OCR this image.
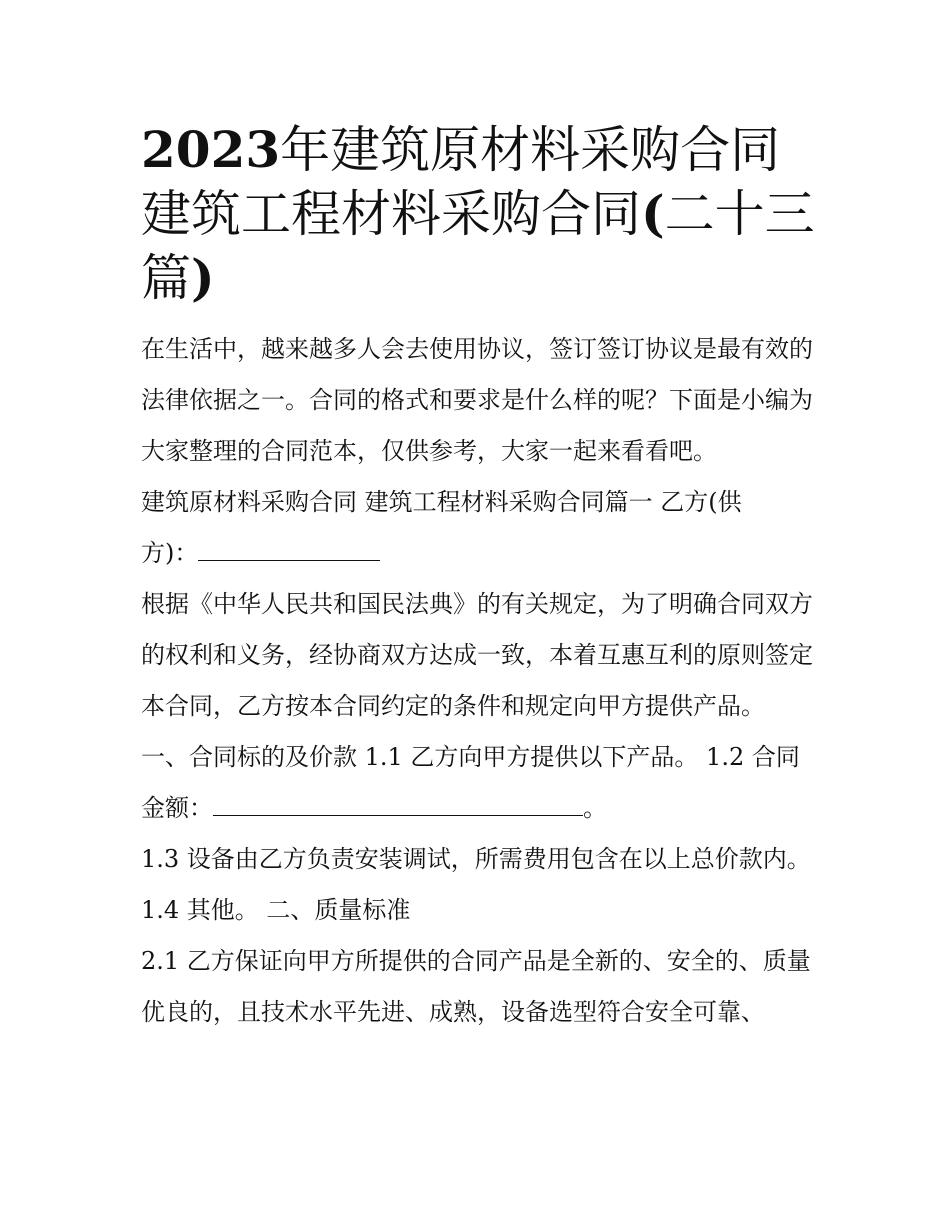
2023年建筑原材料采购合同
建筑工程材料采购合同(二十三
篇)

在生活中，越来越多人会去使用协议，签订签订协议是最有效的法律依据之一。合同的格式和要求是什么样的呢？下面是小编为大家整理的合同范本，仅供参考，大家一起来看看吧。

建筑原材料采购合同 建筑工程材料采购合同篇一 乙方(供
方)：

根据《中华人民共和国民法典》的有关规定，为了明确合同双方的权利和义务，经协商双方达成一致，本着互惠互利的原则签定本合同，乙方按本合同约定的条件和规定向甲方提供产品。

一、合同标的及价款 1.1 乙方向甲方提供以下产品。 1.2 合同金额：	。

1.3 设备由乙方负责安装调试，所需费用包含在以上总价款内。 1.4 其他。 二、质量标准

2.1 乙方保证向甲方所提供的合同产品是全新的、安全的、质量优良的，且技术水平先进、成熟，设备选型符合安全可靠、
